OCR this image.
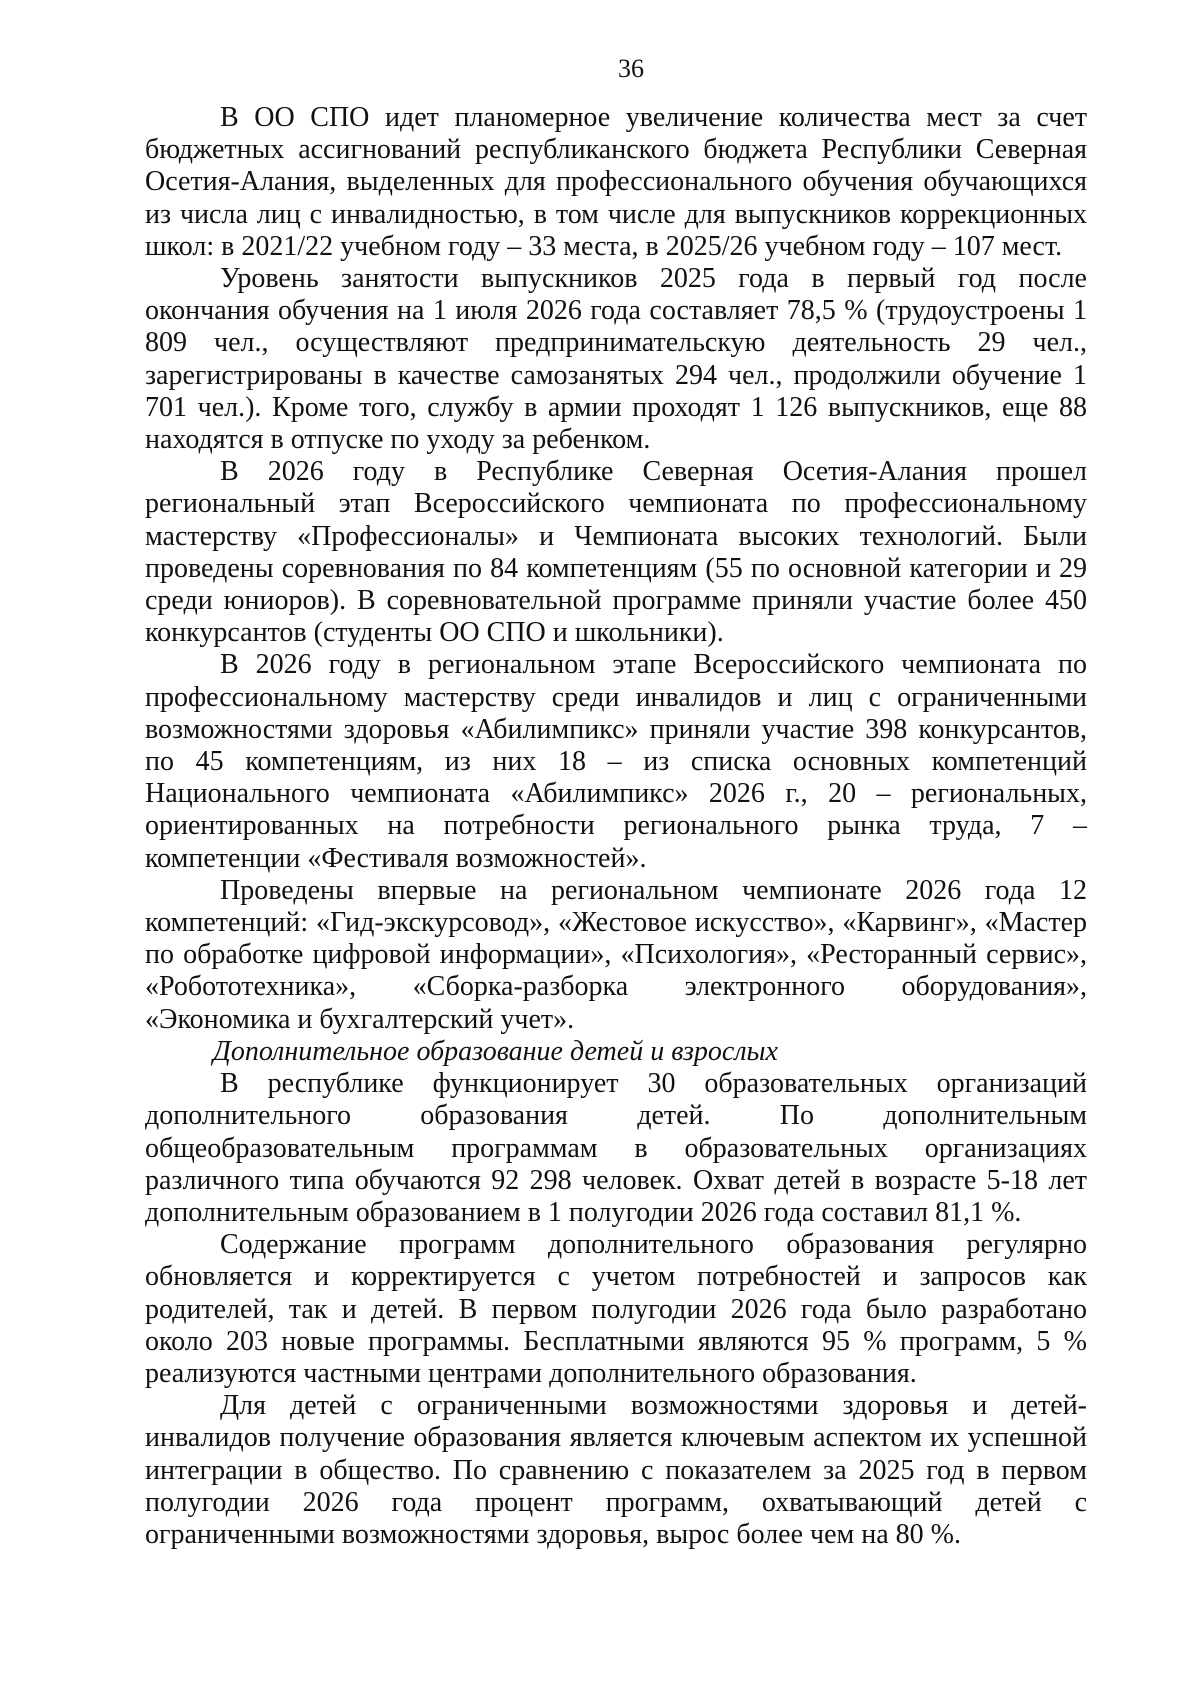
36

В ОО СПО идет планомерное увеличение количества мест за счет бюджетных ассигнований республиканского бюджета Республики Северная Осетия-Алания, выделенных для профессионального обучения обучающихся из числа лиц с инвалидностью, в том числе для выпускников коррекционных школ: в 2021/22 учебном году – 33 места, в 2025/26 учебном году – 107 мест.

Уровень занятости выпускников 2025 года в первый год после окончания обучения на 1 июля 2026 года составляет 78,5 % (трудоустроены 1 809 чел., осуществляют предпринимательскую деятельность 29 чел., зарегистрированы в качестве самозанятых 294 чел., продолжили обучение 1 701 чел.). Кроме того, службу в армии проходят 1 126 выпускников, еще 88 находятся в отпуске по уходу за ребенком.

В 2026 году в Республике Северная Осетия-Алания прошел региональный этап Всероссийского чемпионата по профессиональному мастерству «Профессионалы» и Чемпионата высоких технологий. Были проведены соревнования по 84 компетенциям (55 по основной категории и 29 среди юниоров). В соревновательной программе приняли участие более 450 конкурсантов (студенты ОО СПО и школьники).

В 2026 году в региональном этапе Всероссийского чемпионата по профессиональному мастерству среди инвалидов и лиц с ограниченными возможностями здоровья «Абилимпикс» приняли участие 398 конкурсантов, по 45 компетенциям, из них 18 – из списка основных компетенций Национального чемпионата «Абилимпикс» 2026 г., 20 – региональных, ориентированных на потребности регионального рынка труда, 7 – компетенции «Фестиваля возможностей».

Проведены впервые на региональном чемпионате 2026 года 12 компетенций: «Гид-экскурсовод», «Жестовое искусство», «Карвинг», «Мастер по обработке цифровой информации», «Психология», «Ресторанный сервис», «Робототехника», «Сборка-разборка электронного оборудования», «Экономика и бухгалтерский учет».

Дополнительное образование детей и взрослых

В республике функционирует 30 образовательных организаций дополнительного образования детей. По дополнительным общеобразовательным программам в образовательных организациях различного типа обучаются 92 298 человек. Охват детей в возрасте 5-18 лет дополнительным образованием в 1 полугодии 2026 года составил 81,1 %.

Содержание программ дополнительного образования регулярно обновляется и корректируется с учетом потребностей и запросов как родителей, так и детей. В первом полугодии 2026 года было разработано около 203 новые программы. Бесплатными являются 95 % программ, 5 % реализуются частными центрами дополнительного образования.

Для детей с ограниченными возможностями здоровья и детей-инвалидов получение образования является ключевым аспектом их успешной интеграции в общество. По сравнению с показателем за 2025 год в первом полугодии 2026 года процент программ, охватывающий детей с ограниченными возможностями здоровья, вырос более чем на 80 %.
